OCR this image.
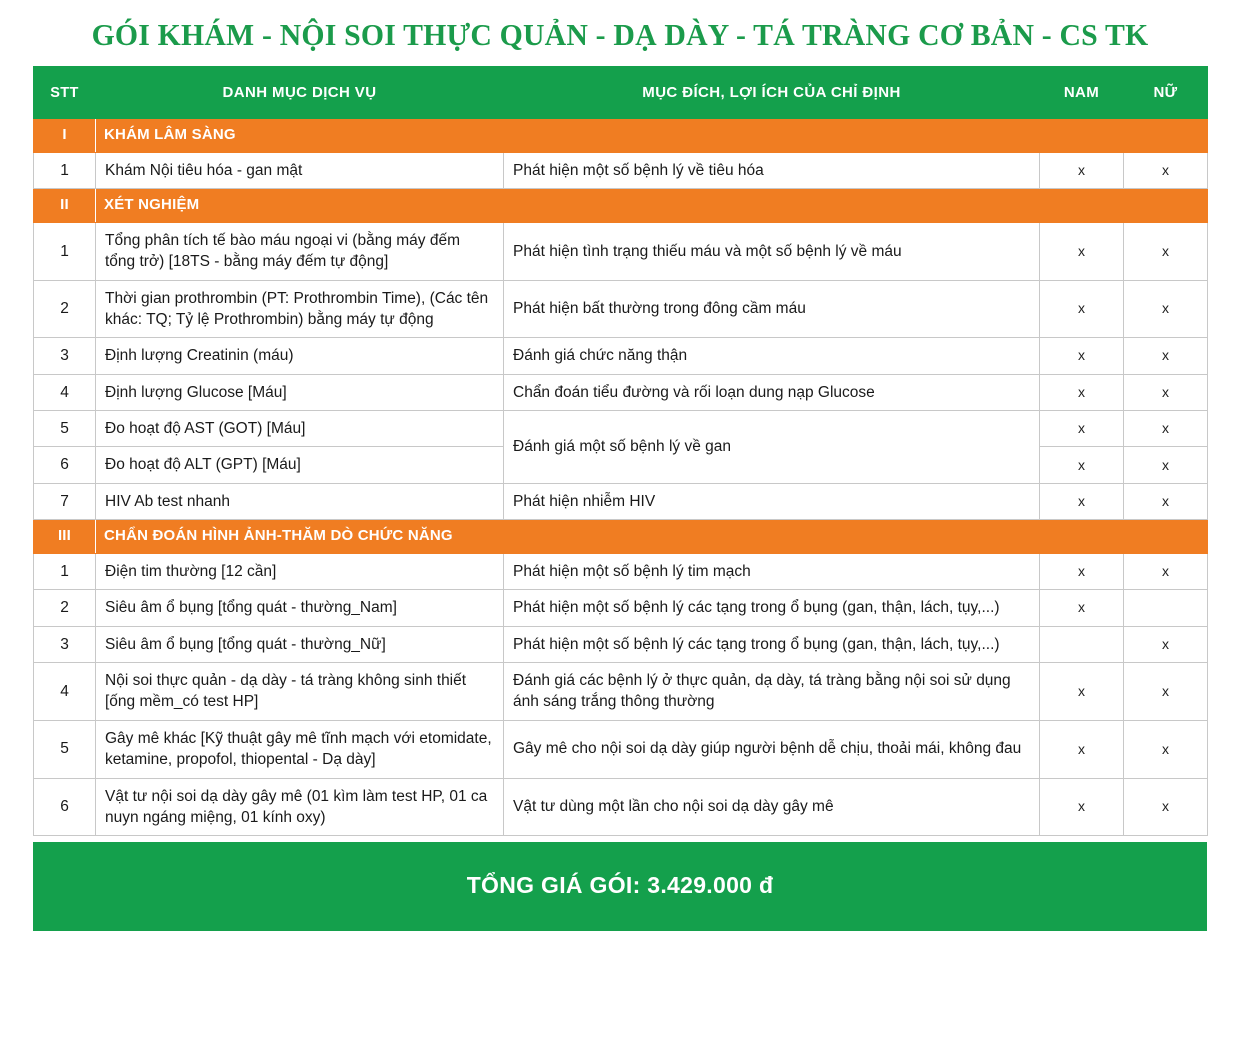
GÓI KHÁM - NỘI SOI THỰC QUẢN - DẠ DÀY - TÁ TRÀNG CƠ BẢN - CS TK
STT	DANH MỤC DỊCH VỤ	MỤC ĐÍCH, LỢI ÍCH CỦA CHỈ ĐỊNH	NAM	NỮ
I	KHÁM LÂM SÀNG			
1	Khám Nội tiêu hóa - gan mật	Phát hiện một số bệnh lý về tiêu hóa	x	x
II	XÉT NGHIỆM			
1	Tổng phân tích tế bào máu ngoại vi (bằng máy đếm tổng trở) [18TS - bằng máy đếm tự động]	Phát hiện tình trạng thiếu máu và một số bệnh lý về máu	x	x
2	Thời gian prothrombin (PT: Prothrombin Time), (Các tên khác: TQ; Tỷ lệ Prothrombin) bằng máy tự động	Phát hiện bất thường trong đông cầm máu	x	x
3	Định lượng Creatinin (máu)	Đánh giá chức năng thận	x	x
4	Định lượng Glucose [Máu]	Chẩn đoán tiểu đường và rối loạn dung nạp Glucose	x	x
5	Đo hoạt độ AST (GOT) [Máu]	Đánh giá một số bệnh lý về gan	x	x
6	Đo hoạt độ ALT (GPT) [Máu]		x	x
7	HIV Ab test nhanh	Phát hiện nhiễm HIV	x	x
III	CHẨN ĐOÁN HÌNH ẢNH-THĂM DÒ CHỨC NĂNG			
1	Điện tim thường [12 cần]	Phát hiện một số bệnh lý tim mạch	x	x
2	Siêu âm ổ bụng [tổng quát - thường_Nam]	Phát hiện một số bệnh lý các tạng trong ổ bụng (gan, thận, lách, tụy,...)	x	
3	Siêu âm ổ bụng [tổng quát - thường_Nữ]	Phát hiện một số bệnh lý các tạng trong ổ bụng (gan, thận, lách, tụy,...)		x
4	Nội soi thực quản - dạ dày - tá tràng không sinh thiết [ống mềm_có test HP]	Đánh giá các bệnh lý ở thực quản, dạ dày, tá tràng bằng nội soi sử dụng ánh sáng trắng thông thường	x	x
5	Gây mê khác [Kỹ thuật gây mê tĩnh mạch với etomidate, ketamine, propofol, thiopental - Dạ dày]	Gây mê cho nội soi dạ dày giúp người bệnh dễ chịu, thoải mái, không đau	x	x
6	Vật tư nội soi dạ dày gây mê (01 kìm làm test HP, 01 ca nuyn ngáng miệng, 01 kính oxy)	Vật tư dùng một lần cho nội soi dạ dày gây mê	x	x
TỔNG GIÁ GÓI: 3.429.000 đ
